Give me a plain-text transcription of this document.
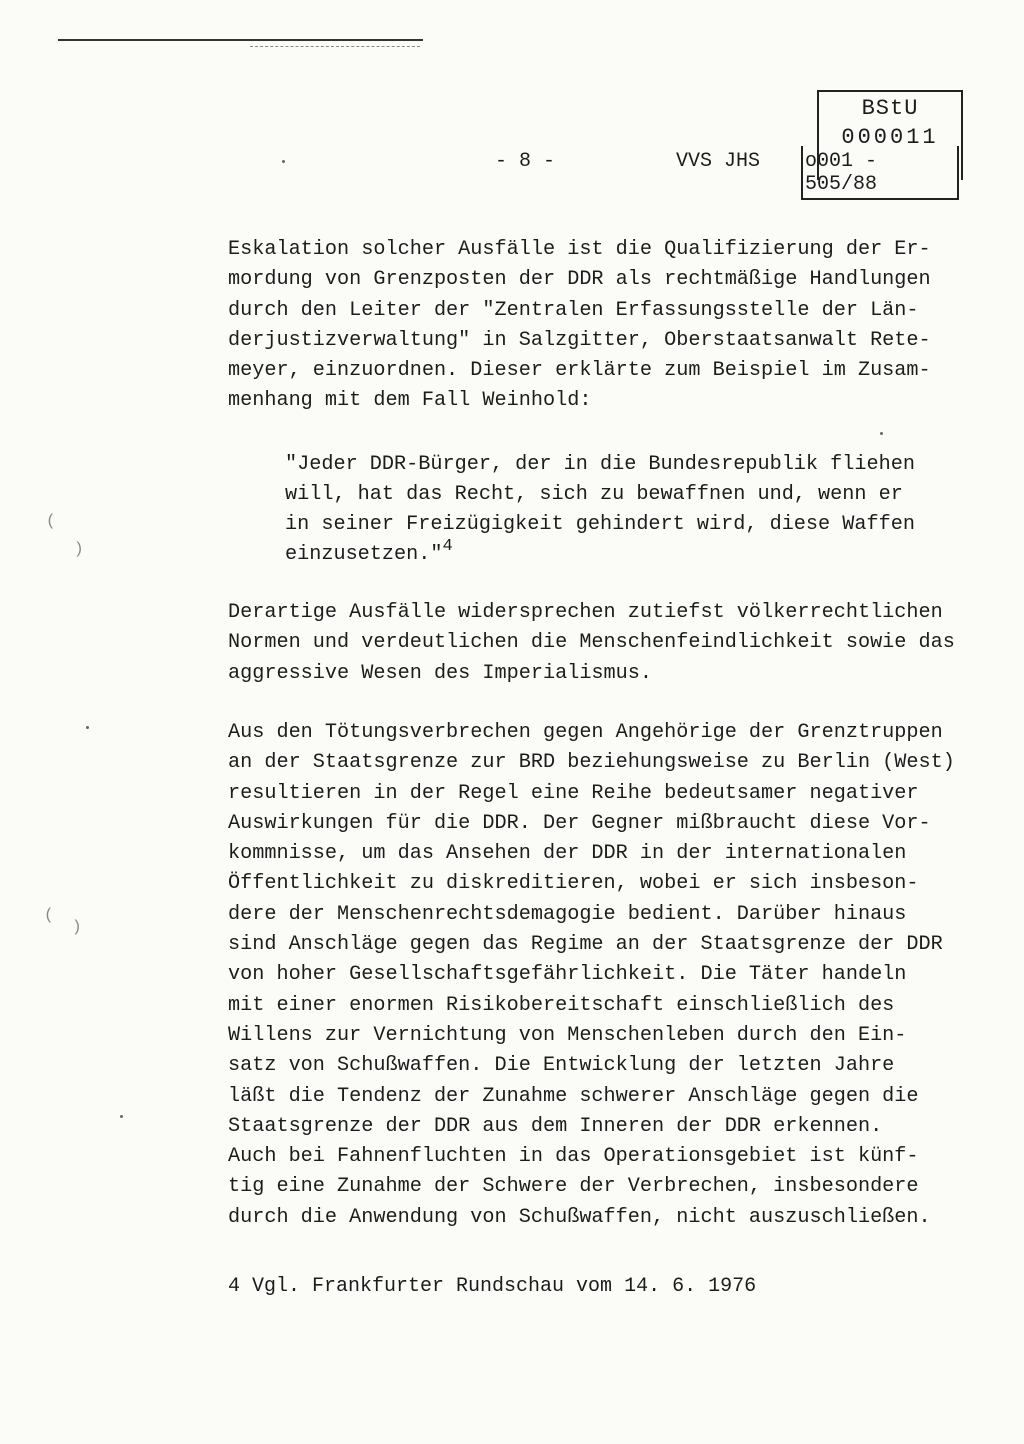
BStU
000011
- 8 -	VVS JHS o001 - 505/88
Eskalation solcher Ausfälle ist die Qualifizierung der Er-
mordung von Grenzposten der DDR als rechtmäßige Handlungen
durch den Leiter der "Zentralen Erfassungsstelle der Län-
derjustizverwaltung" in Salzgitter, Oberstaatsanwalt Rete-
meyer, einzuordnen. Dieser erklärte zum Beispiel im Zusam-
menhang mit dem Fall Weinhold:
"Jeder DDR-Bürger, der in die Bundesrepublik fliehen
will, hat das Recht, sich zu bewaffnen und, wenn er
in seiner Freizügigkeit gehindert wird, diese Waffen
einzusetzen."$^4$
Derartige Ausfälle widersprechen zutiefst völkerrechtlichen
Normen und verdeutlichen die Menschenfeindlichkeit sowie das
aggressive Wesen des Imperialismus.
Aus den Tötungsverbrechen gegen Angehörige der Grenztruppen
an der Staatsgrenze zur BRD beziehungsweise zu Berlin (West)
resultieren in der Regel eine Reihe bedeutsamer negativer
Auswirkungen für die DDR. Der Gegner mißbraucht diese Vor-
kommnisse, um das Ansehen der DDR in der internationalen
Öffentlichkeit zu diskreditieren, wobei er sich insbeson-
dere der Menschenrechtsdemagogie bedient. Darüber hinaus
sind Anschläge gegen das Regime an der Staatsgrenze der DDR
von hoher Gesellschaftsgefährlichkeit. Die Täter handeln
mit einer enormen Risikobereitschaft einschließlich des
Willens zur Vernichtung von Menschenleben durch den Ein-
satz von Schußwaffen. Die Entwicklung der letzten Jahre
läßt die Tendenz der Zunahme schwerer Anschläge gegen die
Staatsgrenze der DDR aus dem Inneren der DDR erkennen.
Auch bei Fahnenfluchten in das Operationsgebiet ist künf-
tig eine Zunahme der Schwere der Verbrechen, insbesondere
durch die Anwendung von Schußwaffen, nicht auszuschließen.
4 Vgl. Frankfurter Rundschau vom 14. 6. 1976
(
)
(
)
